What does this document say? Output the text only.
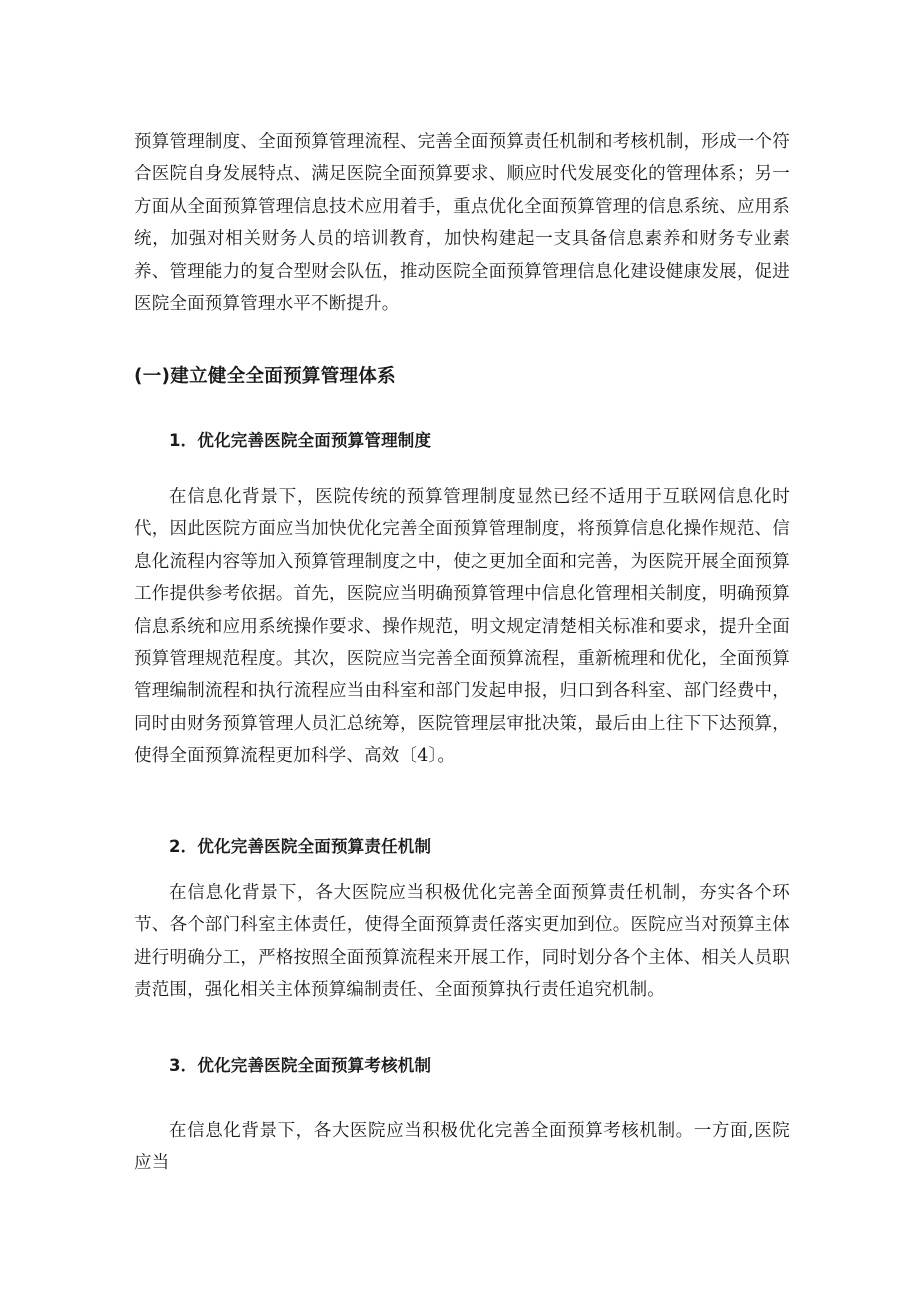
预算管理制度、全面预算管理流程、完善全面预算责任机制和考核机制，形成一个符合医院自身发展特点、满足医院全面预算要求、顺应时代发展变化的管理体系；另一方面从全面预算管理信息技术应用着手，重点优化全面预算管理的信息系统、应用系统，加强对相关财务人员的培训教育，加快构建起一支具备信息素养和财务专业素养、管理能力的复合型财会队伍，推动医院全面预算管理信息化建设健康发展，促进医院全面预算管理水平不断提升。

(一)建立健全全面预算管理体系
1．优化完善医院全面预算管理制度

在信息化背景下，医院传统的预算管理制度显然已经不适用于互联网信息化时代，因此医院方面应当加快优化完善全面预算管理制度，将预算信息化操作规范、信息化流程内容等加入预算管理制度之中，使之更加全面和完善，为医院开展全面预算工作提供参考依据。首先，医院应当明确预算管理中信息化管理相关制度，明确预算信息系统和应用系统操作要求、操作规范，明文规定清楚相关标准和要求，提升全面预算管理规范程度。其次，医院应当完善全面预算流程，重新梳理和优化，全面预算管理编制流程和执行流程应当由科室和部门发起申报，归口到各科室、部门经费中，同时由财务预算管理人员汇总统筹，医院管理层审批决策，最后由上往下下达预算，使得全面预算流程更加科学、高效〔4〕。

2．优化完善医院全面预算责任机制

在信息化背景下，各大医院应当积极优化完善全面预算责任机制，夯实各个环节、各个部门科室主体责任，使得全面预算责任落实更加到位。医院应当对预算主体进行明确分工，严格按照全面预算流程来开展工作，同时划分各个主体、相关人员职责范围，强化相关主体预算编制责任、全面预算执行责任追究机制。

3．优化完善医院全面预算考核机制

在信息化背景下，各大医院应当积极优化完善全面预算考核机制。一方面,医院应当
